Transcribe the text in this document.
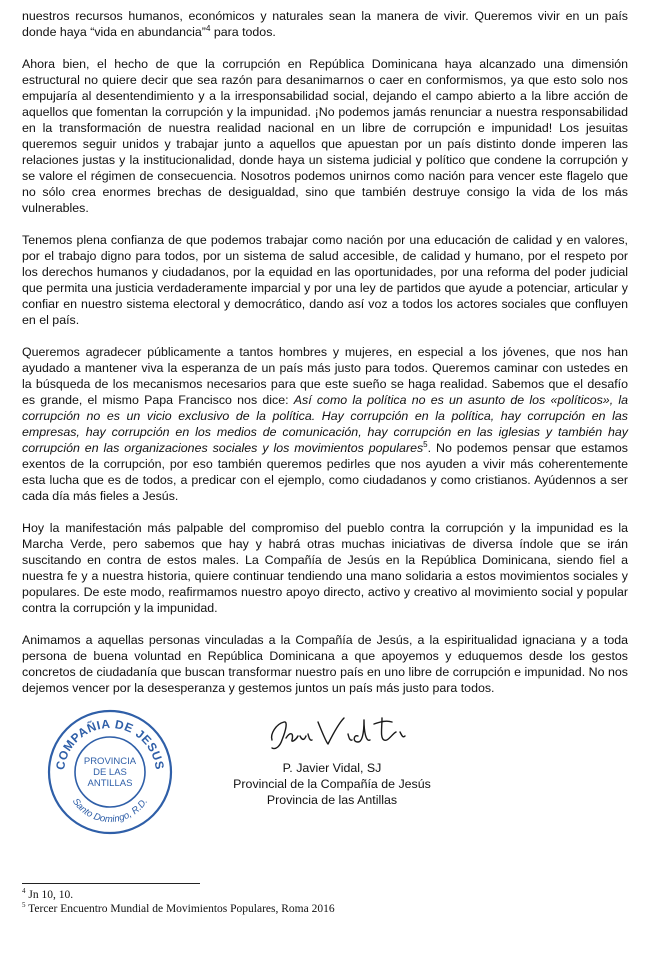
nuestros recursos humanos, económicos y naturales sean la manera de vivir. Queremos vivir en un país donde haya “vida en abundancia”$^4$ para todos.

Ahora bien, el hecho de que la corrupción en República Dominicana haya alcanzado una dimensión estructural no quiere decir que sea razón para desanimarnos o caer en conformismos, ya que esto solo nos empujaría al desentendimiento y a la irresponsabilidad social, dejando el campo abierto a la libre acción de aquellos que fomentan la corrupción y la impunidad. ¡No podemos jamás renunciar a nuestra responsabilidad en la transformación de nuestra realidad nacional en un libre de corrupción e impunidad! Los jesuitas queremos seguir unidos y trabajar junto a aquellos que apuestan por un país distinto donde imperen las relaciones justas y la institucionalidad, donde haya un sistema judicial y político que condene la corrupción y se valore el régimen de consecuencia. Nosotros podemos unirnos como nación para vencer este flagelo que no sólo crea enormes brechas de desigualdad, sino que también destruye consigo la vida de los más vulnerables.

Tenemos plena confianza de que podemos trabajar como nación por una educación de calidad y en valores, por el trabajo digno para todos, por un sistema de salud accesible, de calidad y humano, por el respeto por los derechos humanos y ciudadanos, por la equidad en las oportunidades, por una reforma del poder judicial que permita una justicia verdaderamente imparcial y por una ley de partidos que ayude a potenciar, articular y confiar en nuestro sistema electoral y democrático, dando así voz a todos los actores sociales que confluyen en el país.

Queremos agradecer públicamente a tantos hombres y mujeres, en especial a los jóvenes, que nos han ayudado a mantener viva la esperanza de un país más justo para todos. Queremos caminar con ustedes en la búsqueda de los mecanismos necesarios para que este sueño se haga realidad. Sabemos que el desafío es grande, el mismo Papa Francisco nos dice: Así como la política no es un asunto de los «políticos», la corrupción no es un vicio exclusivo de la política. Hay corrupción en la política, hay corrupción en las empresas, hay corrupción en los medios de comunicación, hay corrupción en las iglesias y también hay corrupción en las organizaciones sociales y los movimientos populares$^5$. No podemos pensar que estamos exentos de la corrupción, por eso también queremos pedirles que nos ayuden a vivir más coherentemente esta lucha que es de todos, a predicar con el ejemplo, como ciudadanos y como cristianos. Ayúdennos a ser cada día más fieles a Jesús.

Hoy la manifestación más palpable del compromiso del pueblo contra la corrupción y la impunidad es la Marcha Verde, pero sabemos que hay y habrá otras muchas iniciativas de diversa índole que se irán suscitando en contra de estos males. La Compañía de Jesús en la República Dominicana, siendo fiel a nuestra fe y a nuestra historia, quiere continuar tendiendo una mano solidaria a estos movimientos sociales y populares. De este modo, reafirmamos nuestro apoyo directo, activo y creativo al movimiento social y popular contra la corrupción y la impunidad.

Animamos a aquellas personas vinculadas a la Compañía de Jesús, a la espiritualidad ignaciana y a toda persona de buena voluntad en República Dominicana a que apoyemos y eduquemos desde los gestos concretos de ciudadanía que buscan transformar nuestro país en uno libre de corrupción e impunidad. No nos dejemos vencer por la desesperanza y gestemos juntos un país más justo para todos.

COMPAÑIA DE JESUS
Santo Domingo, R.D.
PROVINCIA
DE LAS
ANTILLAS
P. Javier Vidal, SJ
Provincial de la Compañía de Jesús
Provincia de las Antillas
$^4$ Jn 10, 10.
$^5$ Tercer Encuentro Mundial de Movimientos Populares, Roma 2016
